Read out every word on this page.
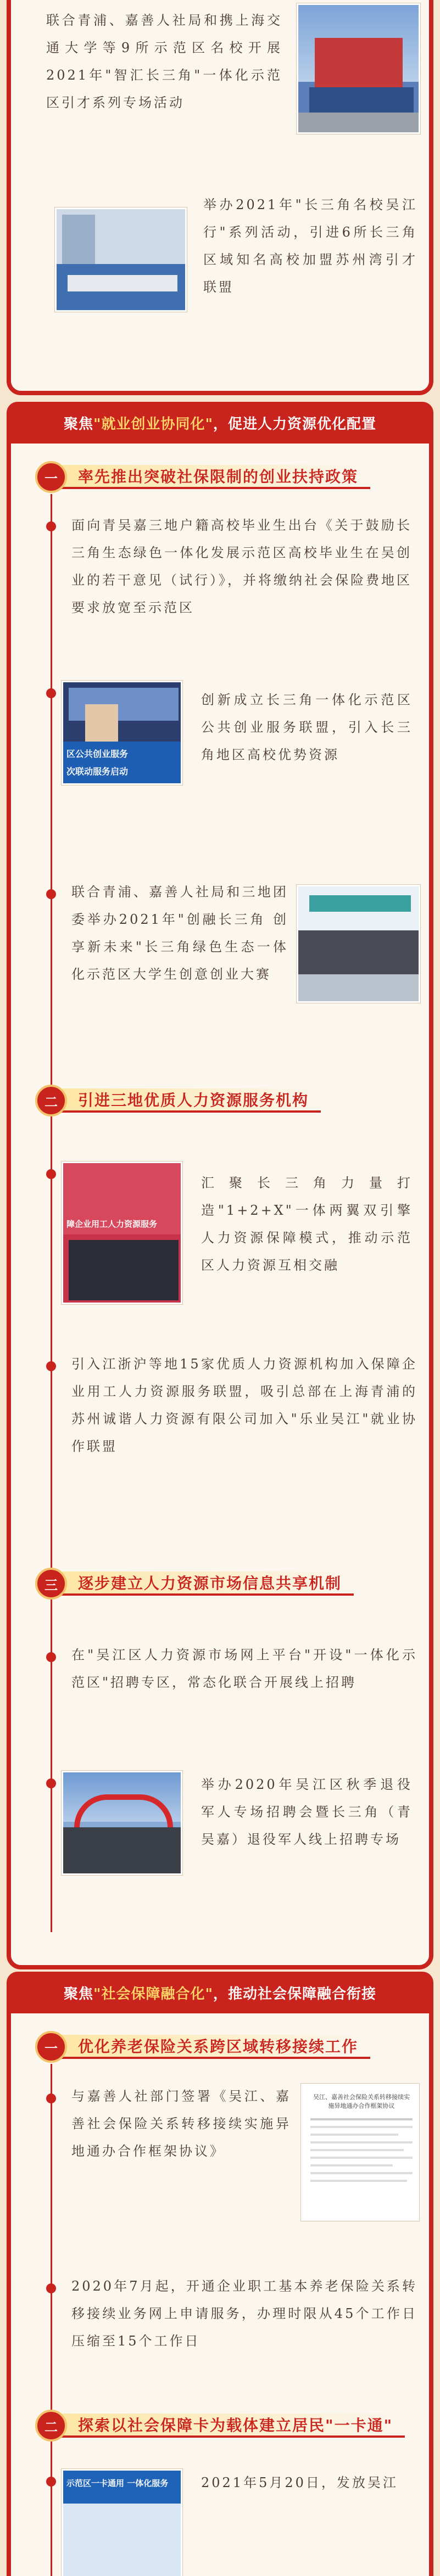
联合青浦、嘉善人社局和携上海交通大学等9所示范区名校开展2021年"智汇长三角"一体化示范区引才系列专场活动
举办2021年"长三角名校吴江行"系列活动，引进6所长三角区域知名高校加盟苏州湾引才联盟
聚焦 "就业创业协同化" ，促进人力资源优化配置
一	率先推出突破社保限制的创业扶持政策
面向青吴嘉三地户籍高校毕业生出台《关于鼓励长三角生态绿色一体化发展示范区高校毕业生在吴创业的若干意见（试行）》，并将缴纳社会保险费地区要求放宽至示范区
区公共创业服务
次联动服务启动
创新成立长三角一体化示范区公共创业服务联盟，引入长三角地区高校优势资源
联合青浦、嘉善人社局和三地团委举办2021年"创融长三角 创享新未来"长三角绿色生态一体化示范区大学生创意创业大赛
二	引进三地优质人力资源服务机构
障企业用工人力资源服务
汇聚长三角力量打造"1+2+X"一体两翼双引擎人力资源保障模式，推动示范区人力资源互相交融
引入江浙沪等地15家优质人力资源机构加入保障企业用工人力资源服务联盟，吸引总部在上海青浦的苏州诚谐人力资源有限公司加入"乐业吴江"就业协作联盟
三	逐步建立人力资源市场信息共享机制
在"吴江区人力资源市场网上平台"开设"一体化示范区"招聘专区，常态化联合开展线上招聘
举办2020年吴江区秋季退役军人专场招聘会暨长三角（青吴嘉）退役军人线上招聘专场
聚焦 "社会保障融合化" ，推动社会保障融合衔接
一	优化养老保险关系跨区域转移接续工作
与嘉善人社部门签署《吴江、嘉善社会保险关系转移接续实施异地通办合作框架协议》
吴江、嘉善社会保险关系转移接续实施异地通办合作框架协议
2020年7月起，开通企业职工基本养老保险关系转移接续业务网上申请服务，办理时限从45个工作日压缩至15个工作日
二	探索以社会保障卡为载体建立居民"一卡通"
示范区一卡通用 一体化服务	2021年5月20日，发放吴江
